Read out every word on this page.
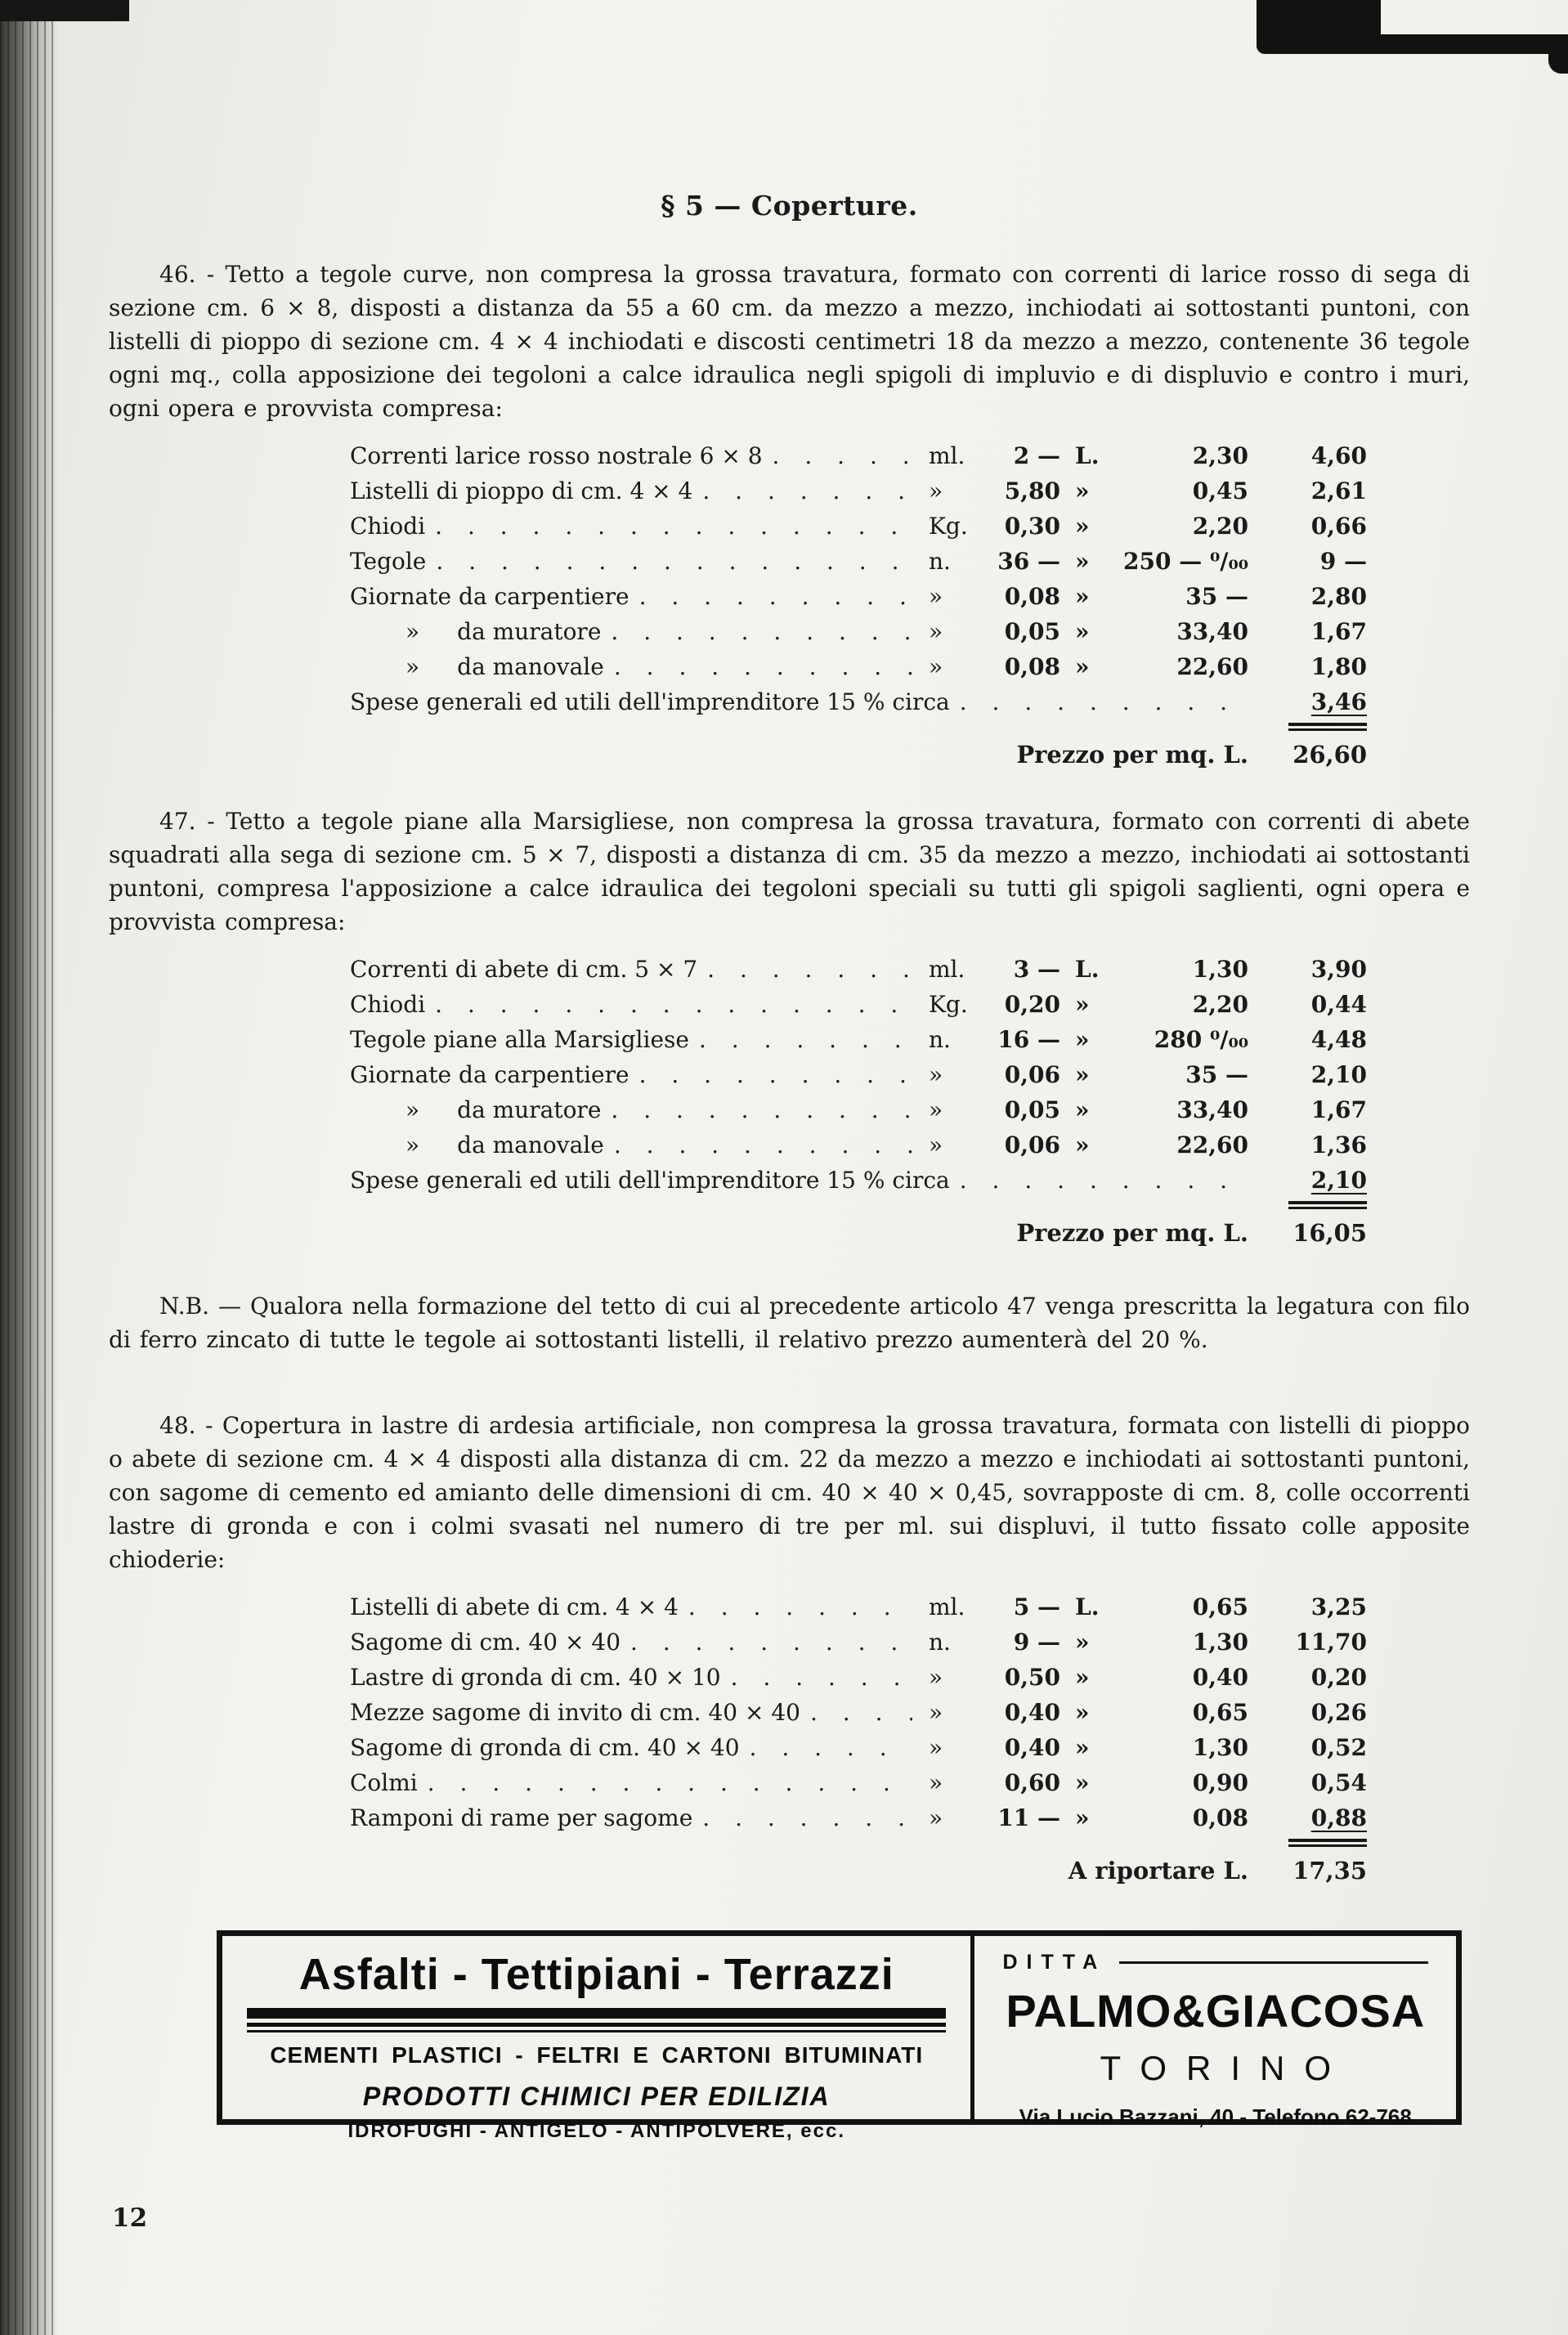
§ 5 — Coperture.

46. - Tetto a tegole curve, non compresa la grossa travatura, formato con correnti di larice rosso di sega di sezione cm. 6 × 8, disposti a distanza da 55 a 60 cm. da mezzo a mezzo, inchiodati ai sottostanti puntoni, con listelli di pioppo di sezione cm. 4 × 4 inchiodati e discosti centimetri 18 da mezzo a mezzo, contenente 36 tegole ogni mq., colla apposizione dei tegoloni a calce idraulica negli spigoli di impluvio e di displuvio e contro i muri, ogni opera e provvista compresa:

Correnti larice rosso nostrale 6 × 8 . . .	ml.	2 — L.	2,30	4,60
Listelli di pioppo di cm. 4 × 4 . . .	»	5,80 »	0,45	2,61
Chiodi . . .	Kg.	0,30 »	2,20	0,66
Tegole . . .	n.	36 — »	250 — ⁰/₀₀	9 —
Giornate da carpentiere . . .	»	0,08 »	35 —	2,80
»	da muratore . . .	»	0,05 »	33,40	1,67
»	da manovale . . .	»	0,08 »	22,60	1,80
Spese generali ed utili dell'imprenditore 15 % circa . . .	3,46
Prezzo per mq. L.	26,60

47. - Tetto a tegole piane alla Marsigliese, non compresa la grossa travatura, formato con correnti di abete squadrati alla sega di sezione cm. 5 × 7, disposti a distanza di cm. 35 da mezzo a mezzo, inchiodati ai sottostanti puntoni, compresa l'apposizione a calce idraulica dei tegoloni speciali su tutti gli spigoli saglienti, ogni opera e provvista compresa:

Correnti di abete di cm. 5 × 7 . . .	ml.	3 — L.	1,30	3,90
Chiodi . . .	Kg.	0,20 »	2,20	0,44
Tegole piane alla Marsigliese . . .	n.	16 — »	280 ⁰/₀₀	4,48
Giornate da carpentiere . . .	»	0,06 »	35 —	2,10
»	da muratore . . .	»	0,05 »	33,40	1,67
»	da manovale . . .	»	0,06 »	22,60	1,36
Spese generali ed utili dell'imprenditore 15 % circa . . .	2,10
Prezzo per mq. L.	16,05

N.B. — Qualora nella formazione del tetto di cui al precedente articolo 47 venga prescritta la legatura con filo di ferro zincato di tutte le tegole ai sottostanti listelli, il relativo prezzo aumenterà del 20 %.

48. - Copertura in lastre di ardesia artificiale, non compresa la grossa travatura, formata con listelli di pioppo o abete di sezione cm. 4 × 4 disposti alla distanza di cm. 22 da mezzo a mezzo e inchiodati ai sottostanti puntoni, con sagome di cemento ed amianto delle dimensioni di cm. 40 × 40 × 0,45, sovrapposte di cm. 8, colle occorrenti lastre di gronda e con i colmi svasati nel numero di tre per ml. sui displuvi, il tutto fissato colle apposite chioderie:

Listelli di abete di cm. 4 × 4 . . .	ml.	5 — L.	0,65	3,25
Sagome di cm. 40 × 40 . . .	n.	9 — »	1,30	11,70
Lastre di gronda di cm. 40 × 10 . . .	»	0,50 »	0,40	0,20
Mezze sagome di invito di cm. 40 × 40 . . .	»	0,40 »	0,65	0,26
Sagome di gronda di cm. 40 × 40 . . .	»	0,40 »	1,30	0,52
Colmi . . .	»	0,60 »	0,90	0,54
Ramponi di rame per sagome . . .	»	11 — »	0,08	0,88
A riportare L.	17,35
Asfalti - Tettipiani - Terrazzi
CEMENTI PLASTICI - FELTRI E CARTONI BITUMINATI
PRODOTTI CHIMICI PER EDILIZIA
IDROFUGHI - ANTIGELO - ANTIPOLVERE, ecc.
DITTA
PALMO&GIACOSA
TORINO
Via Lucio Bazzani, 40 - Telefono 62-768
12
